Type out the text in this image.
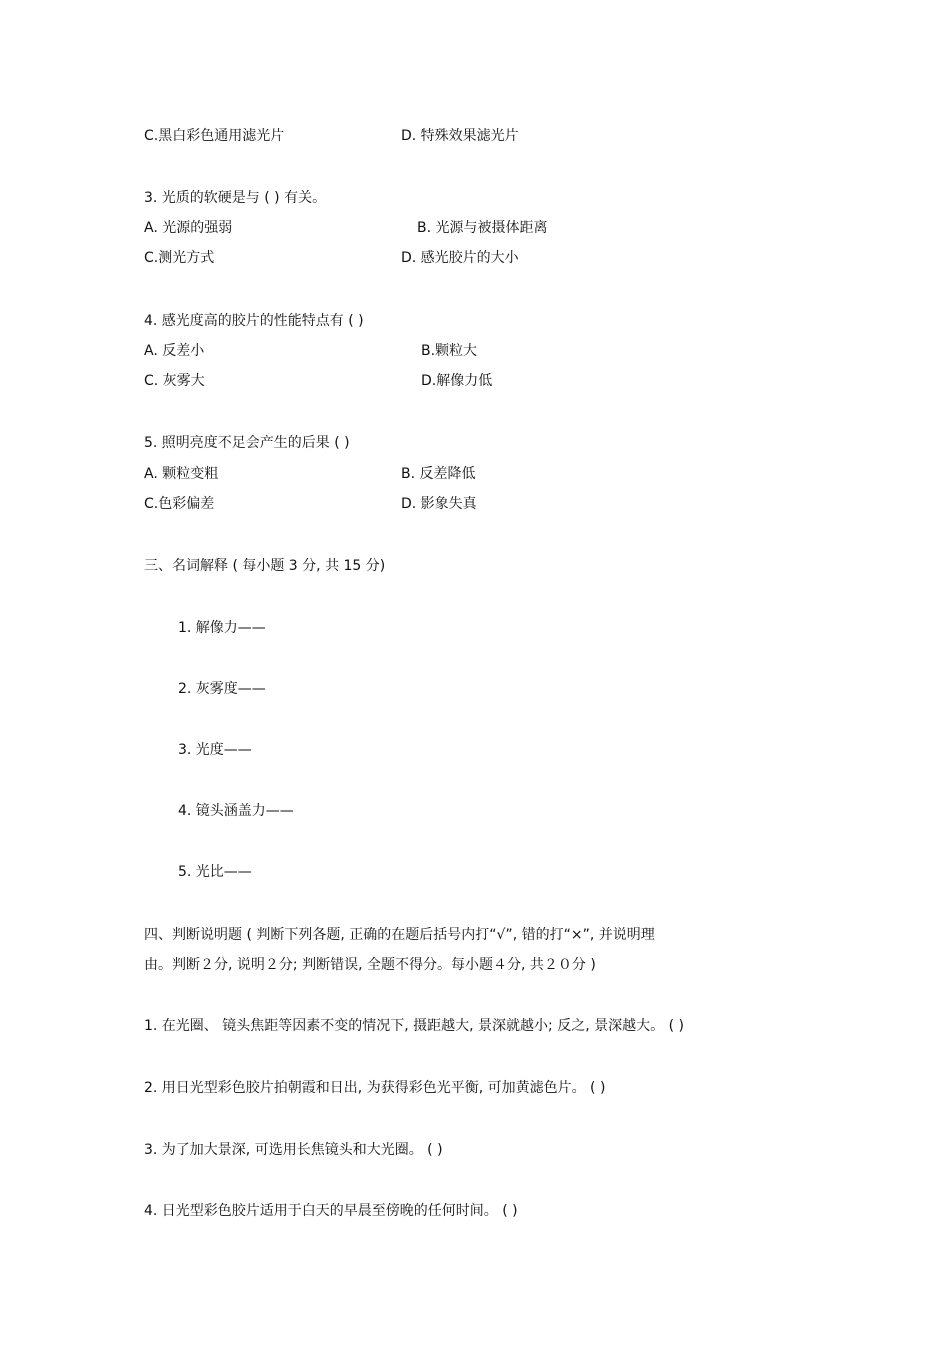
C.黑白彩色通用滤光片	D. 特殊效果滤光片
3. 光质的软硬是与 ( ) 有关。
A. 光源的强弱	B. 光源与被摄体距离
C.测光方式	D. 感光胶片的大小
4. 感光度高的胶片的性能特点有 ( )
A. 反差小	B.颗粒大
C. 灰雾大	D.解像力低
5. 照明亮度不足会产生的后果 ( )
A. 颗粒变粗	B. 反差降低
C.色彩偏差	D. 影象失真
三、名词解释 ( 每小题 3 分, 共 15 分)
1. 解像力——
2. 灰雾度——
3. 光度——
4. 镜头涵盖力——
5. 光比——
四、判断说明题 ( 判断下列各题, 正确的在题后括号内打“√”, 错的打“×”, 并说明理
由。判断２分, 说明２分; 判断错误, 全题不得分。每小题４分, 共２０分 )
1. 在光圈、 镜头焦距等因素不变的情况下, 摄距越大, 景深就越小; 反之, 景深越大。 ( )
2. 用日光型彩色胶片拍朝霞和日出, 为获得彩色光平衡, 可加黄滤色片。 ( )
3. 为了加大景深, 可选用长焦镜头和大光圈。 ( )
4. 日光型彩色胶片适用于白天的早晨至傍晚的任何时间。 ( )
